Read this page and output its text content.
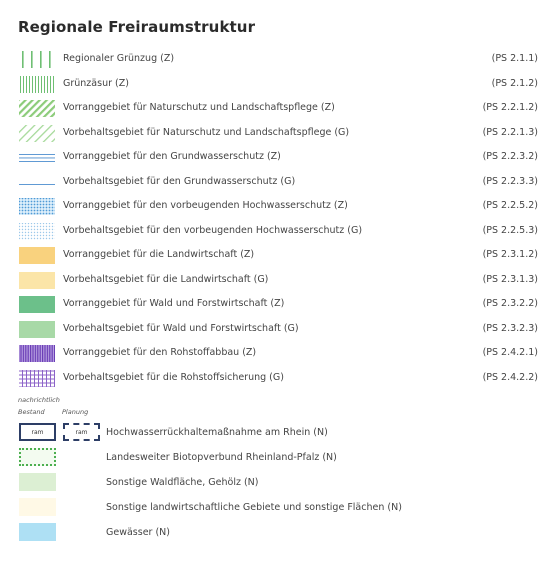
Regionale Freiraumstruktur
Regionaler Grünzug (Z)	(PS 2.1.1)
Grünzäsur (Z)	(PS 2.1.2)
Vorranggebiet für Naturschutz und Landschaftspflege (Z)	(PS 2.2.1.2)
Vorbehaltsgebiet für Naturschutz und Landschaftspflege (G)	(PS 2.2.1.3)
Vorranggebiet für den Grundwasserschutz (Z)	(PS 2.2.3.2)
Vorbehaltsgebiet für den Grundwasserschutz (G)	(PS 2.2.3.3)
Vorranggebiet für den vorbeugenden Hochwasserschutz (Z)	(PS 2.2.5.2)
Vorbehaltsgebiet für den vorbeugenden Hochwasserschutz (G)	(PS 2.2.5.3)
Vorranggebiet für die Landwirtschaft (Z)	(PS 2.3.1.2)
Vorbehaltsgebiet für die Landwirtschaft (G)	(PS 2.3.1.3)
Vorranggebiet für Wald und Forstwirtschaft (Z)	(PS 2.3.2.2)
Vorbehaltsgebiet für Wald und Forstwirtschaft (G)	(PS 2.3.2.3)
Vorranggebiet für den Rohstoffabbau (Z)	(PS 2.4.2.1)
Vorbehaltsgebiet für die Rohstoffsicherung (G)	(PS 2.4.2.2)
nachrichtlich
Bestand	Planung
ram	ram	Hochwasserrückhaltemaßnahme am Rhein (N)
Landesweiter Biotopverbund Rheinland-Pfalz (N)
Sonstige Waldfläche, Gehölz (N)
Sonstige landwirtschaftliche Gebiete und sonstige Flächen (N)
Gewässer (N)
